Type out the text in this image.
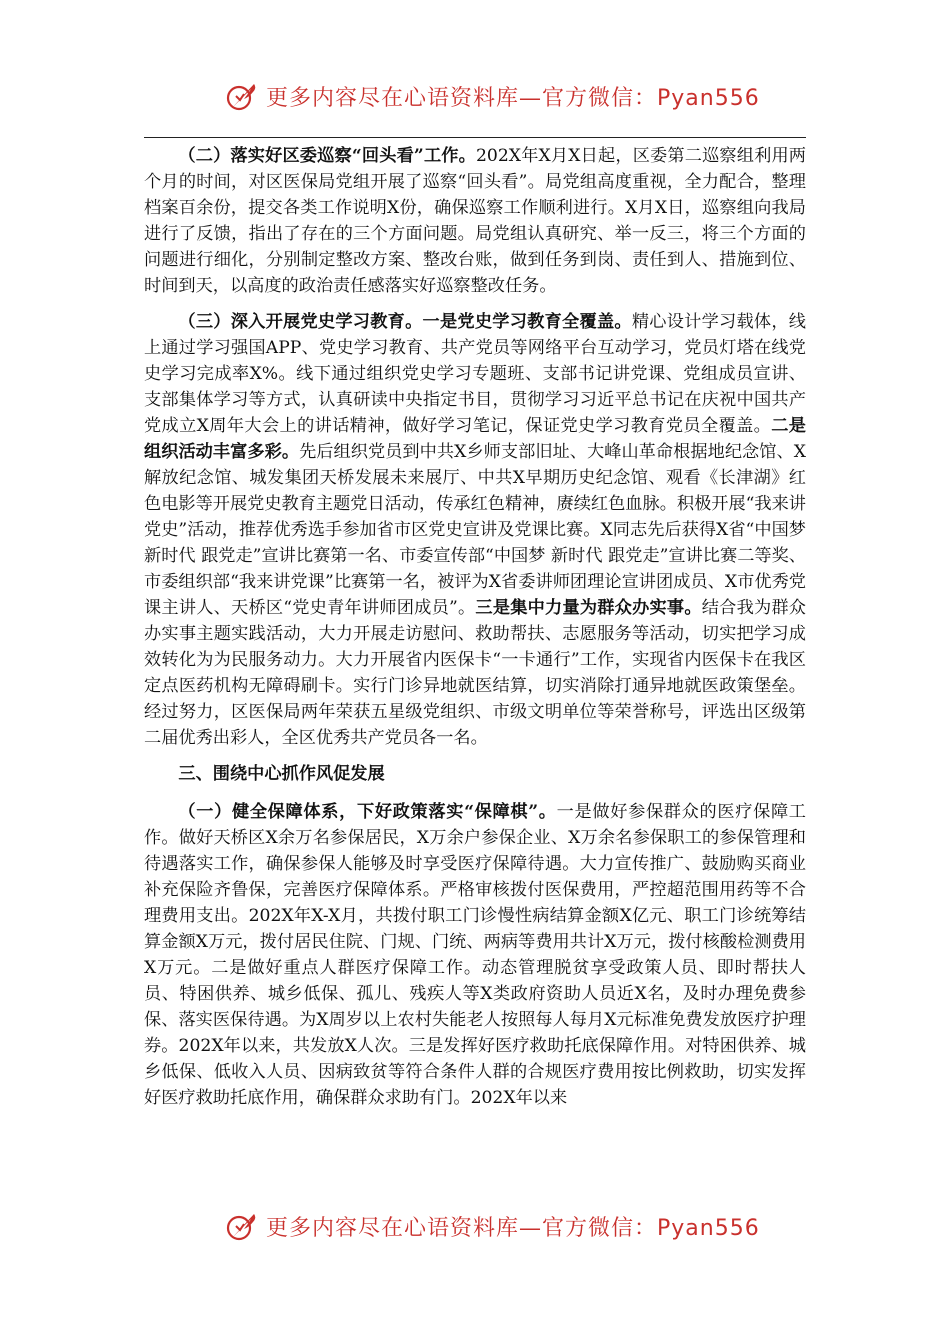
更多内容尽在心语资料库—官方微信：Pyan556

（二）落实好区委巡察“回头看”工作。202X年X月X日起，区委第二巡察组利用两个月的时间，对区医保局党组开展了巡察“回头看”。局党组高度重视，全力配合，整理档案百余份，提交各类工作说明X份，确保巡察工作顺利进行。X月X日，巡察组向我局进行了反馈，指出了存在的三个方面问题。局党组认真研究、举一反三，将三个方面的问题进行细化，分别制定整改方案、整改台账，做到任务到岗、责任到人、措施到位、时间到天，以高度的政治责任感落实好巡察整改任务。

（三）深入开展党史学习教育。一是党史学习教育全覆盖。精心设计学习载体，线上通过学习强国APP、党史学习教育、共产党员等网络平台互动学习，党员灯塔在线党史学习完成率X%。线下通过组织党史学习专题班、支部书记讲党课、党组成员宣讲、支部集体学习等方式，认真研读中央指定书目，贯彻学习习近平总书记在庆祝中国共产党成立X周年大会上的讲话精神，做好学习笔记，保证党史学习教育党员全覆盖。二是组织活动丰富多彩。先后组织党员到中共X乡师支部旧址、大峰山革命根据地纪念馆、X解放纪念馆、城发集团天桥发展未来展厅、中共X早期历史纪念馆、观看《长津湖》红色电影等开展党史教育主题党日活动，传承红色精神，赓续红色血脉。积极开展“我来讲党史”活动，推荐优秀选手参加省市区党史宣讲及党课比赛。X同志先后获得X省“中国梦 新时代 跟党走”宣讲比赛第一名、市委宣传部“中国梦 新时代 跟党走”宣讲比赛二等奖、市委组织部“我来讲党课”比赛第一名，被评为X省委讲师团理论宣讲团成员、X市优秀党课主讲人、天桥区“党史青年讲师团成员”。三是集中力量为群众办实事。结合我为群众办实事主题实践活动，大力开展走访慰问、救助帮扶、志愿服务等活动，切实把学习成效转化为为民服务动力。大力开展省内医保卡“一卡通行”工作，实现省内医保卡在我区定点医药机构无障碍刷卡。实行门诊异地就医结算，切实消除打通异地就医政策堡垒。经过努力，区医保局两年荣获五星级党组织、市级文明单位等荣誉称号，评选出区级第二届优秀出彩人，全区优秀共产党员各一名。

三、围绕中心抓作风促发展

（一）健全保障体系，下好政策落实“保障棋”。一是做好参保群众的医疗保障工作。做好天桥区X余万名参保居民，X万余户参保企业、X万余名参保职工的参保管理和待遇落实工作，确保参保人能够及时享受医疗保障待遇。大力宣传推广、鼓励购买商业补充保险齐鲁保，完善医疗保障体系。严格审核拨付医保费用，严控超范围用药等不合理费用支出。202X年X-X月，共拨付职工门诊慢性病结算金额X亿元、职工门诊统筹结算金额X万元，拨付居民住院、门规、门统、两病等费用共计X万元，拨付核酸检测费用X万元。二是做好重点人群医疗保障工作。动态管理脱贫享受政策人员、即时帮扶人员、特困供养、城乡低保、孤儿、残疾人等X类政府资助人员近X名，及时办理免费参保、落实医保待遇。为X周岁以上农村失能老人按照每人每月X元标准免费发放医疗护理券。202X年以来，共发放X人次。三是发挥好医疗救助托底保障作用。对特困供养、城乡低保、低收入人员、因病致贫等符合条件人群的合规医疗费用按比例救助，切实发挥好医疗救助托底作用，确保群众求助有门。202X年以来

更多内容尽在心语资料库—官方微信：Pyan556
